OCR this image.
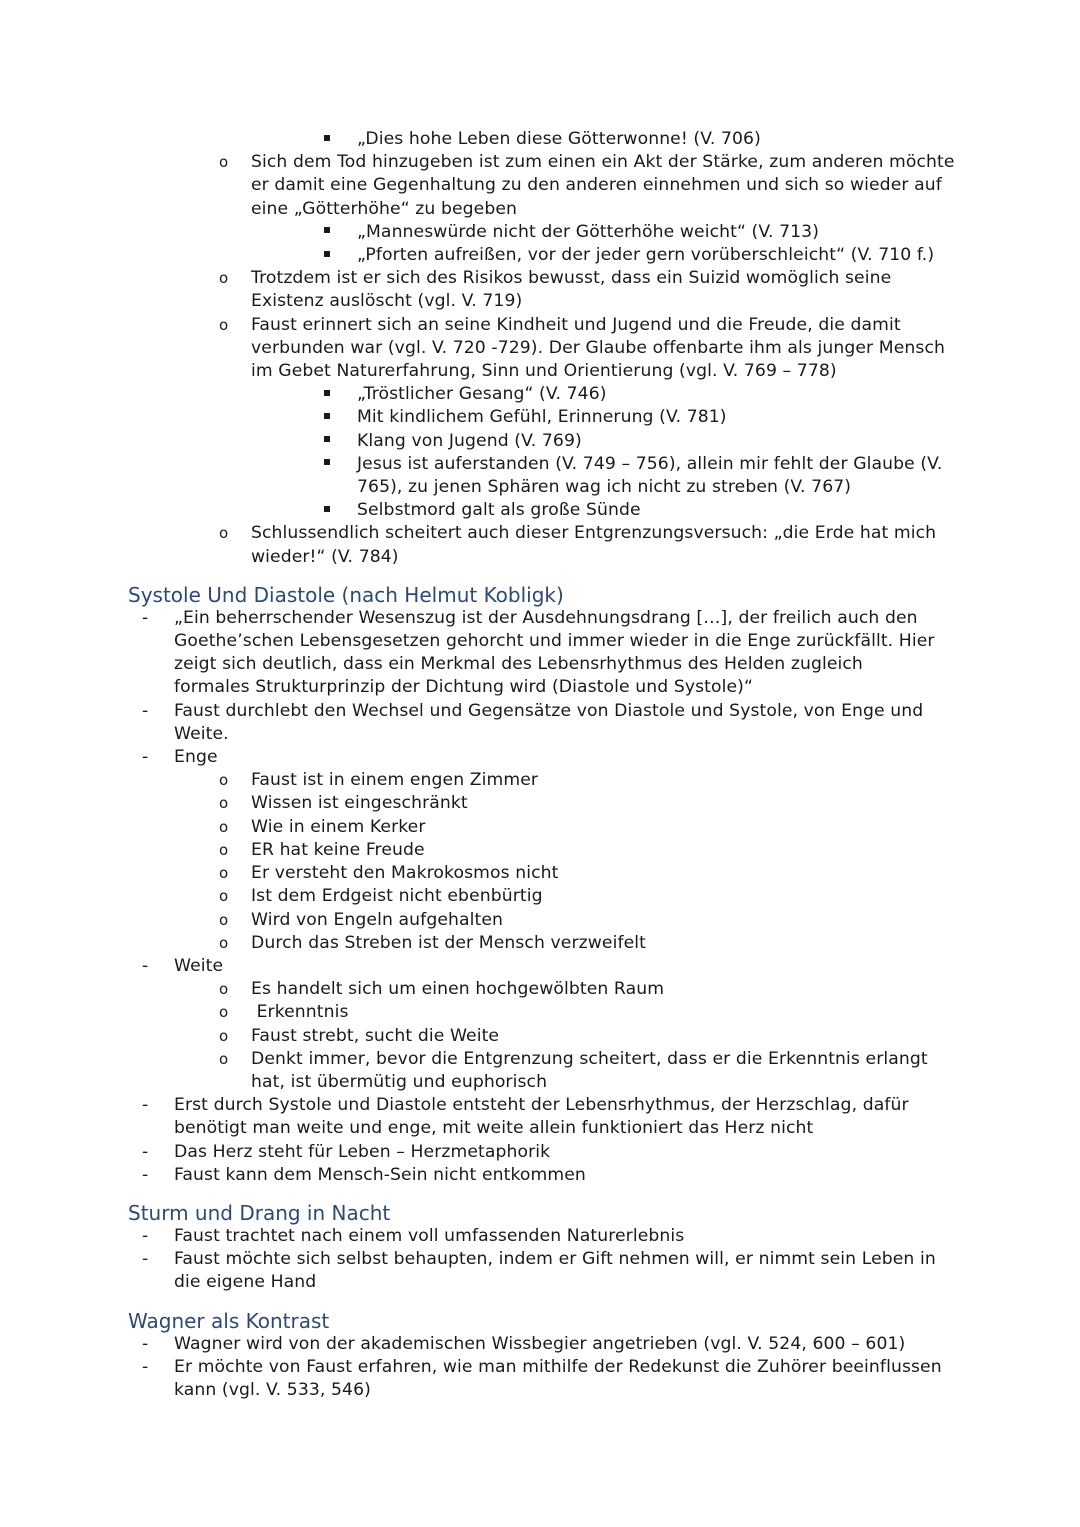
„Dies hohe Leben diese Götterwonne! (V. 706)
o Sich dem Tod hinzugeben ist zum einen ein Akt der Stärke, zum anderen möchte er damit eine Gegenhaltung zu den anderen einnehmen und sich so wieder auf eine „Götterhöhe“ zu begeben
„Manneswürde nicht der Götterhöhe weicht“ (V. 713)
„Pforten aufreißen, vor der jeder gern vorüberschleicht“ (V. 710 f.)
o Trotzdem ist er sich des Risikos bewusst, dass ein Suizid womöglich seine Existenz auslöscht (vgl. V. 719)
o Faust erinnert sich an seine Kindheit und Jugend und die Freude, die damit verbunden war (vgl. V. 720 -729). Der Glaube offenbarte ihm als junger Mensch im Gebet Naturerfahrung, Sinn und Orientierung (vgl. V. 769 – 778)
„Tröstlicher Gesang“ (V. 746)
Mit kindlichem Gefühl, Erinnerung (V. 781)
Klang von Jugend (V. 769)
Jesus ist auferstanden (V. 749 – 756), allein mir fehlt der Glaube (V. 765), zu jenen Sphären wag ich nicht zu streben (V. 767)
Selbstmord galt als große Sünde
o Schlussendlich scheitert auch dieser Entgrenzungsversuch: „die Erde hat mich wieder!“ (V. 784)
Systole Und Diastole (nach Helmut Kobligk)
- „Ein beherrschender Wesenszug ist der Ausdehnungsdrang […], der freilich auch den Goethe’schen Lebensgesetzen gehorcht und immer wieder in die Enge zurückfällt. Hier zeigt sich deutlich, dass ein Merkmal des Lebensrhythmus des Helden zugleich formales Strukturprinzip der Dichtung wird (Diastole und Systole)“
- Faust durchlebt den Wechsel und Gegensätze von Diastole und Systole, von Enge und Weite.
- Enge
o Faust ist in einem engen Zimmer
o Wissen ist eingeschränkt
o Wie in einem Kerker
o ER hat keine Freude
o Er versteht den Makrokosmos nicht
o Ist dem Erdgeist nicht ebenbürtig
o Wird von Engeln aufgehalten
o Durch das Streben ist der Mensch verzweifelt
- Weite
o Es handelt sich um einen hochgewölbten Raum
o Erkenntnis
o Faust strebt, sucht die Weite
o Denkt immer, bevor die Entgrenzung scheitert, dass er die Erkenntnis erlangt hat, ist übermütig und euphorisch
- Erst durch Systole und Diastole entsteht der Lebensrhythmus, der Herzschlag, dafür benötigt man weite und enge, mit weite allein funktioniert das Herz nicht
- Das Herz steht für Leben – Herzmetaphorik
- Faust kann dem Mensch-Sein nicht entkommen
Sturm und Drang in Nacht
- Faust trachtet nach einem voll umfassenden Naturerlebnis
- Faust möchte sich selbst behaupten, indem er Gift nehmen will, er nimmt sein Leben in die eigene Hand
Wagner als Kontrast
- Wagner wird von der akademischen Wissbegier angetrieben (vgl. V. 524, 600 – 601)
- Er möchte von Faust erfahren, wie man mithilfe der Redekunst die Zuhörer beeinflussen kann (vgl. V. 533, 546)
